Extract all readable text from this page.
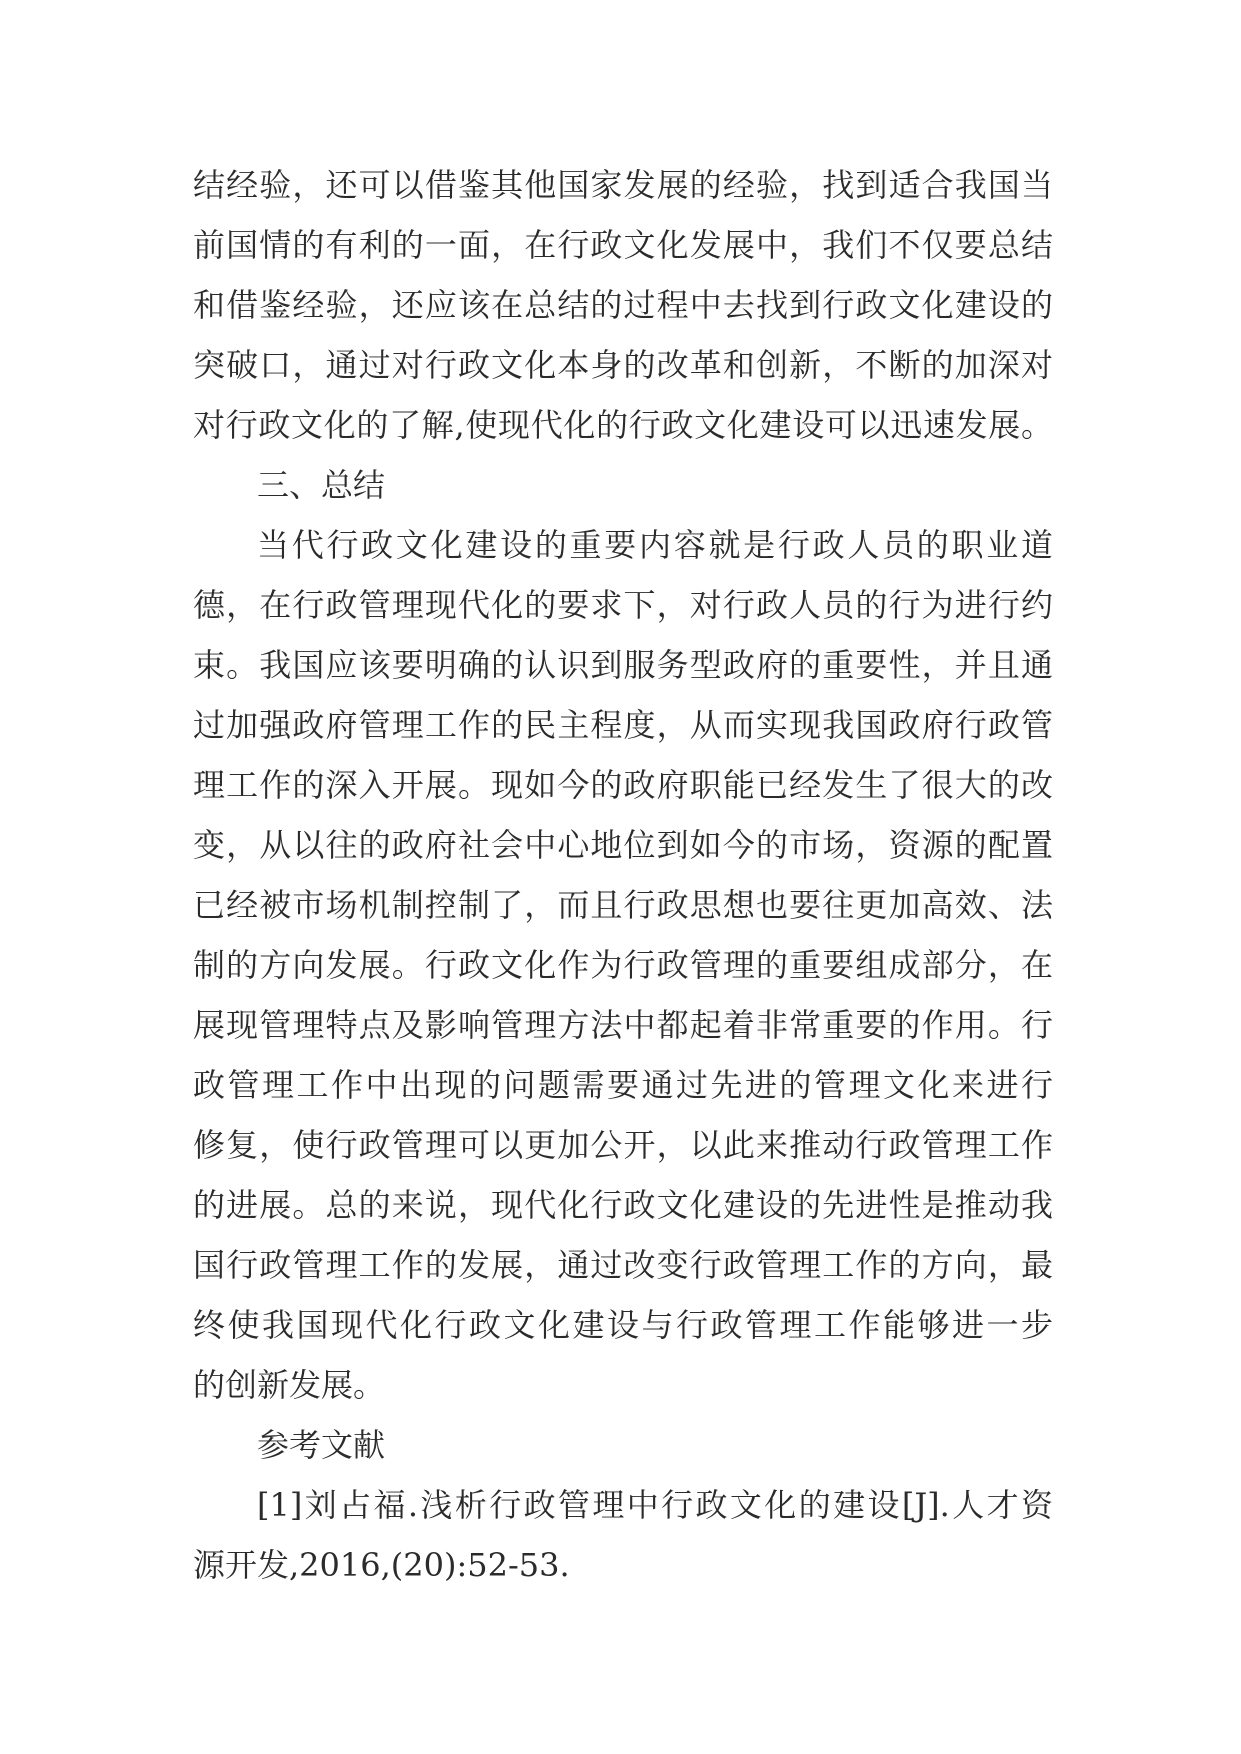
结经验，还可以借鉴其他国家发展的经验，找到适合我国当
前国情的有利的一面，在行政文化发展中，我们不仅要总结
和借鉴经验，还应该在总结的过程中去找到行政文化建设的
突破口，通过对行政文化本身的改革和创新，不断的加深对
对行政文化的了解,使现代化的行政文化建设可以迅速发展。
三、总结
当代行政文化建设的重要内容就是行政人员的职业道
德，在行政管理现代化的要求下，对行政人员的行为进行约
束。我国应该要明确的认识到服务型政府的重要性，并且通
过加强政府管理工作的民主程度，从而实现我国政府行政管
理工作的深入开展。现如今的政府职能已经发生了很大的改
变，从以往的政府社会中心地位到如今的市场，资源的配置
已经被市场机制控制了，而且行政思想也要往更加高效、法
制的方向发展。行政文化作为行政管理的重要组成部分，在
展现管理特点及影响管理方法中都起着非常重要的作用。行
政管理工作中出现的问题需要通过先进的管理文化来进行
修复，使行政管理可以更加公开，以此来推动行政管理工作
的进展。总的来说，现代化行政文化建设的先进性是推动我
国行政管理工作的发展，通过改变行政管理工作的方向，最
终使我国现代化行政文化建设与行政管理工作能够进一步
的创新发展。
参考文献
[1]刘占福.浅析行政管理中行政文化的建设[J].人才资
源开发,2016,(20):52-53.
